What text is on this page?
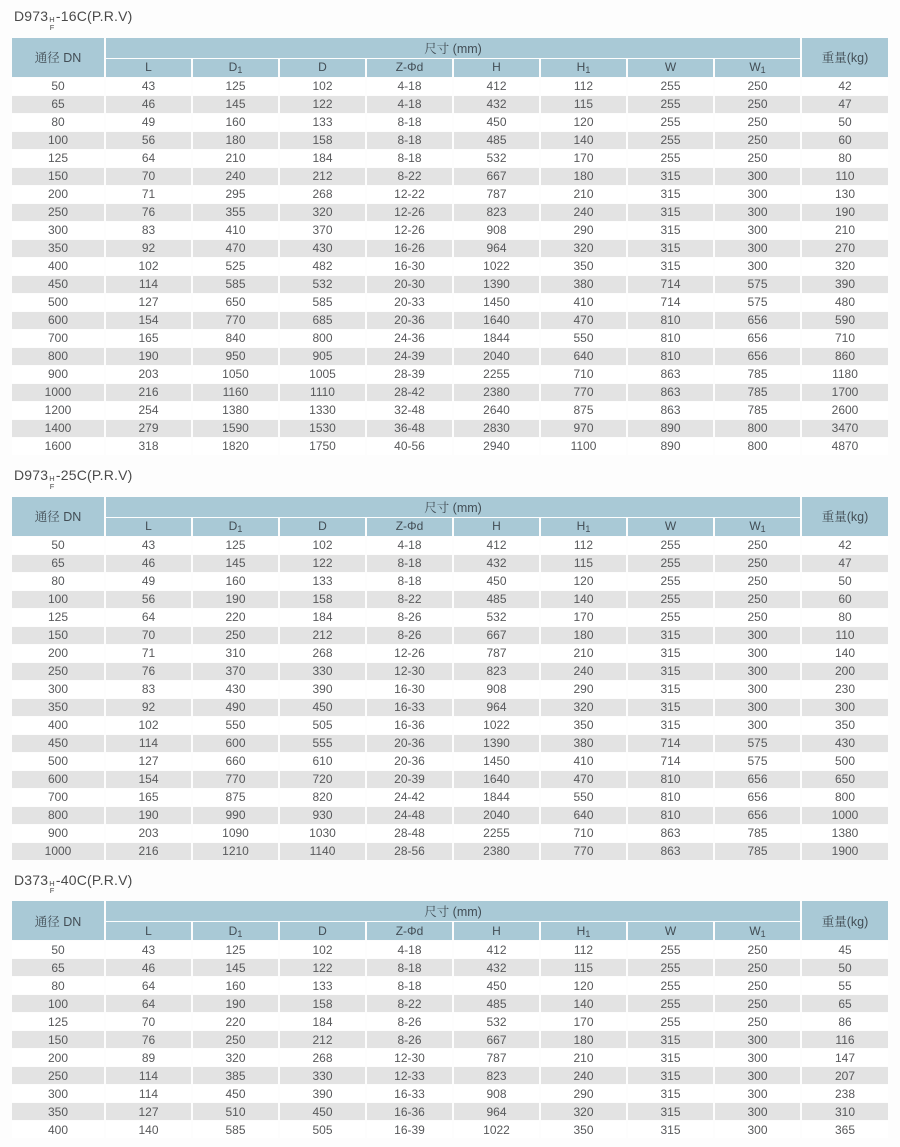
D973 H
F
-16C(P.R.V)
通径 DN	尺寸 (mm)								重量(kg)
	L	$D_1$	D	Z-Φd	H	$H_1$	W	$W_1$
50	43	125	102	4-18	412	112	255	250	42
65	46	145	122	4-18	432	115	255	250	47
80	49	160	133	8-18	450	120	255	250	50
100	56	180	158	8-18	485	140	255	250	60
125	64	210	184	8-18	532	170	255	250	80
150	70	240	212	8-22	667	180	315	300	110
200	71	295	268	12-22	787	210	315	300	130
250	76	355	320	12-26	823	240	315	300	190
300	83	410	370	12-26	908	290	315	300	210
350	92	470	430	16-26	964	320	315	300	270
400	102	525	482	16-30	1022	350	315	300	320
450	114	585	532	20-30	1390	380	714	575	390
500	127	650	585	20-33	1450	410	714	575	480
600	154	770	685	20-36	1640	470	810	656	590
700	165	840	800	24-36	1844	550	810	656	710
800	190	950	905	24-39	2040	640	810	656	860
900	203	1050	1005	28-39	2255	710	863	785	1180
1000	216	1160	1110	28-42	2380	770	863	785	1700
1200	254	1380	1330	32-48	2640	875	863	785	2600
1400	279	1590	1530	36-48	2830	970	890	800	3470
1600	318	1820	1750	40-56	2940	1100	890	800	4870
D973 H
F
-25C(P.R.V)
通径 DN	尺寸 (mm)								重量(kg)
	L	$D_1$	D	Z-Φd	H	$H_1$	W	$W_1$
50	43	125	102	4-18	412	112	255	250	42
65	46	145	122	8-18	432	115	255	250	47
80	49	160	133	8-18	450	120	255	250	50
100	56	190	158	8-22	485	140	255	250	60
125	64	220	184	8-26	532	170	255	250	80
150	70	250	212	8-26	667	180	315	300	110
200	71	310	268	12-26	787	210	315	300	140
250	76	370	330	12-30	823	240	315	300	200
300	83	430	390	16-30	908	290	315	300	230
350	92	490	450	16-33	964	320	315	300	300
400	102	550	505	16-36	1022	350	315	300	350
450	114	600	555	20-36	1390	380	714	575	430
500	127	660	610	20-36	1450	410	714	575	500
600	154	770	720	20-39	1640	470	810	656	650
700	165	875	820	24-42	1844	550	810	656	800
800	190	990	930	24-48	2040	640	810	656	1000
900	203	1090	1030	28-48	2255	710	863	785	1380
1000	216	1210	1140	28-56	2380	770	863	785	1900
D373 H
F
-40C(P.R.V)
通径 DN	尺寸 (mm)								重量(kg)
	L	$D_1$	D	Z-Φd	H	$H_1$	W	$W_1$
50	43	125	102	4-18	412	112	255	250	45
65	46	145	122	8-18	432	115	255	250	50
80	64	160	133	8-18	450	120	255	250	55
100	64	190	158	8-22	485	140	255	250	65
125	70	220	184	8-26	532	170	255	250	86
150	76	250	212	8-26	667	180	315	300	116
200	89	320	268	12-30	787	210	315	300	147
250	114	385	330	12-33	823	240	315	300	207
300	114	450	390	16-33	908	290	315	300	238
350	127	510	450	16-36	964	320	315	300	310
400	140	585	505	16-39	1022	350	315	300	365
